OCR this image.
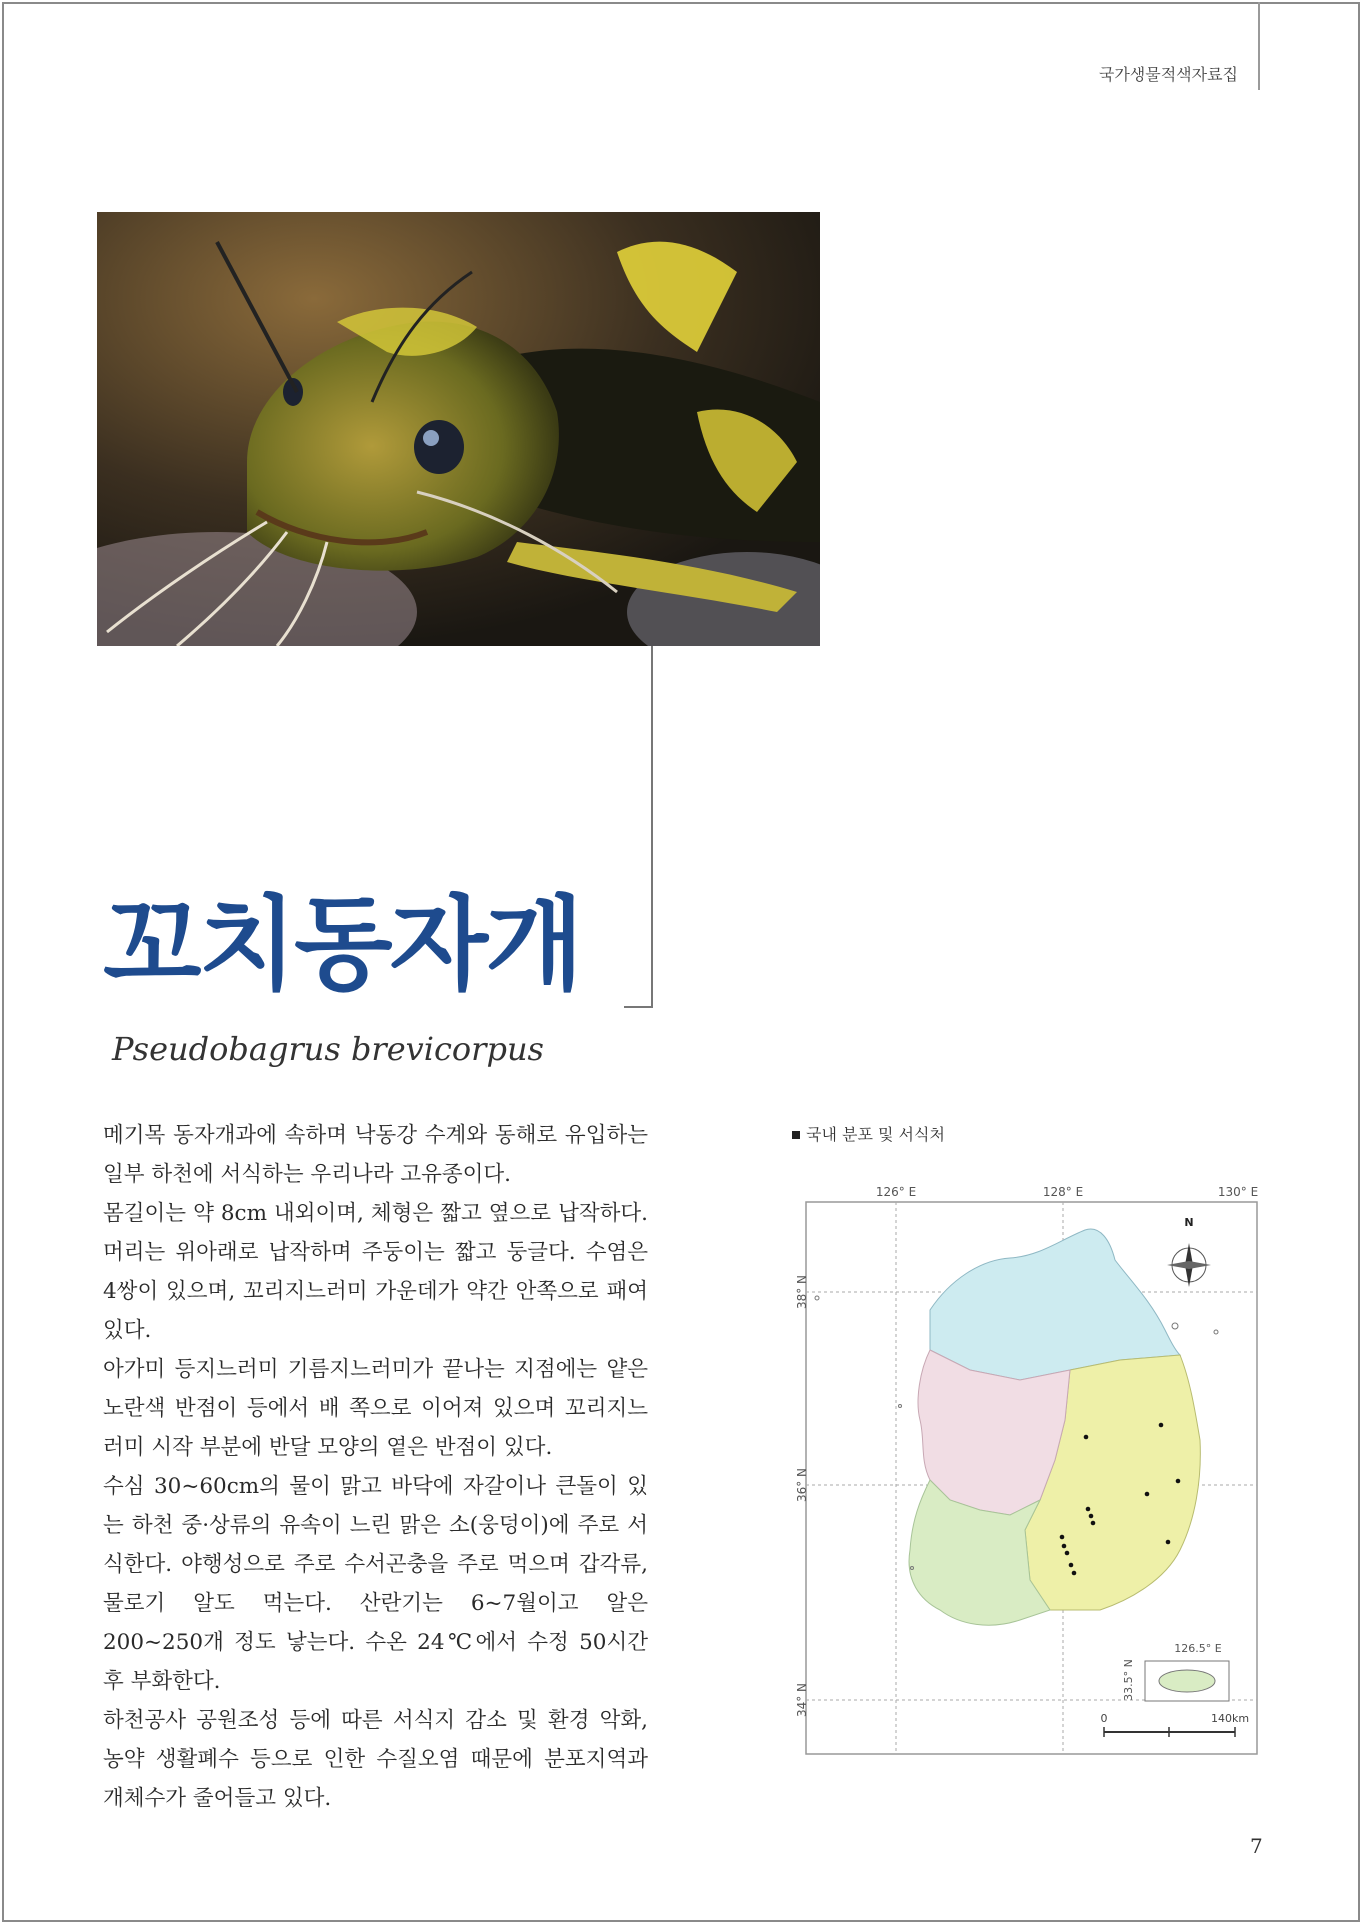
국가생물적색자료집
꼬치동자개
Pseudobagrus brevicorpus

메기목 동자개과에 속하며 낙동강 수계와 동해로 유입하는 일부 하천에 서식하는 우리나라 고유종이다.

몸길이는 약 8cm 내외이며, 체형은 짧고 옆으로 납작하다. 머리는 위아래로 납작하며 주둥이는 짧고 둥글다. 수염은 4쌍이 있으며, 꼬리지느러미 가운데가 약간 안쪽으로 패여 있다.

아가미 등지느러미 기름지느러미가 끝나는 지점에는 얕은 노란색 반점이 등에서 배 쪽으로 이어져 있으며 꼬리지느러미 시작 부분에 반달 모양의 옅은 반점이 있다.

수심 30~60cm의 물이 맑고 바닥에 자갈이나 큰돌이 있는 하천 중·상류의 유속이 느린 맑은 소(웅덩이)에 주로 서식한다. 야행성으로 주로 수서곤충을 주로 먹으며 갑각류, 물로기 알도 먹는다. 산란기는 6~7월이고 알은 200~250개 정도 낳는다. 수온 24℃에서 수정 50시간 후 부화한다.

하천공사 공원조성 등에 따른 서식지 감소 및 환경 악화, 농약 생활폐수 등으로 인한 수질오염 때문에 분포지역과 개체수가 줄어들고 있다.

국내 분포 및 서식처
N
126° E	128° E	130° E
38° N
36° N
34° N
126.5° E
33.5° N
0	140km
7
